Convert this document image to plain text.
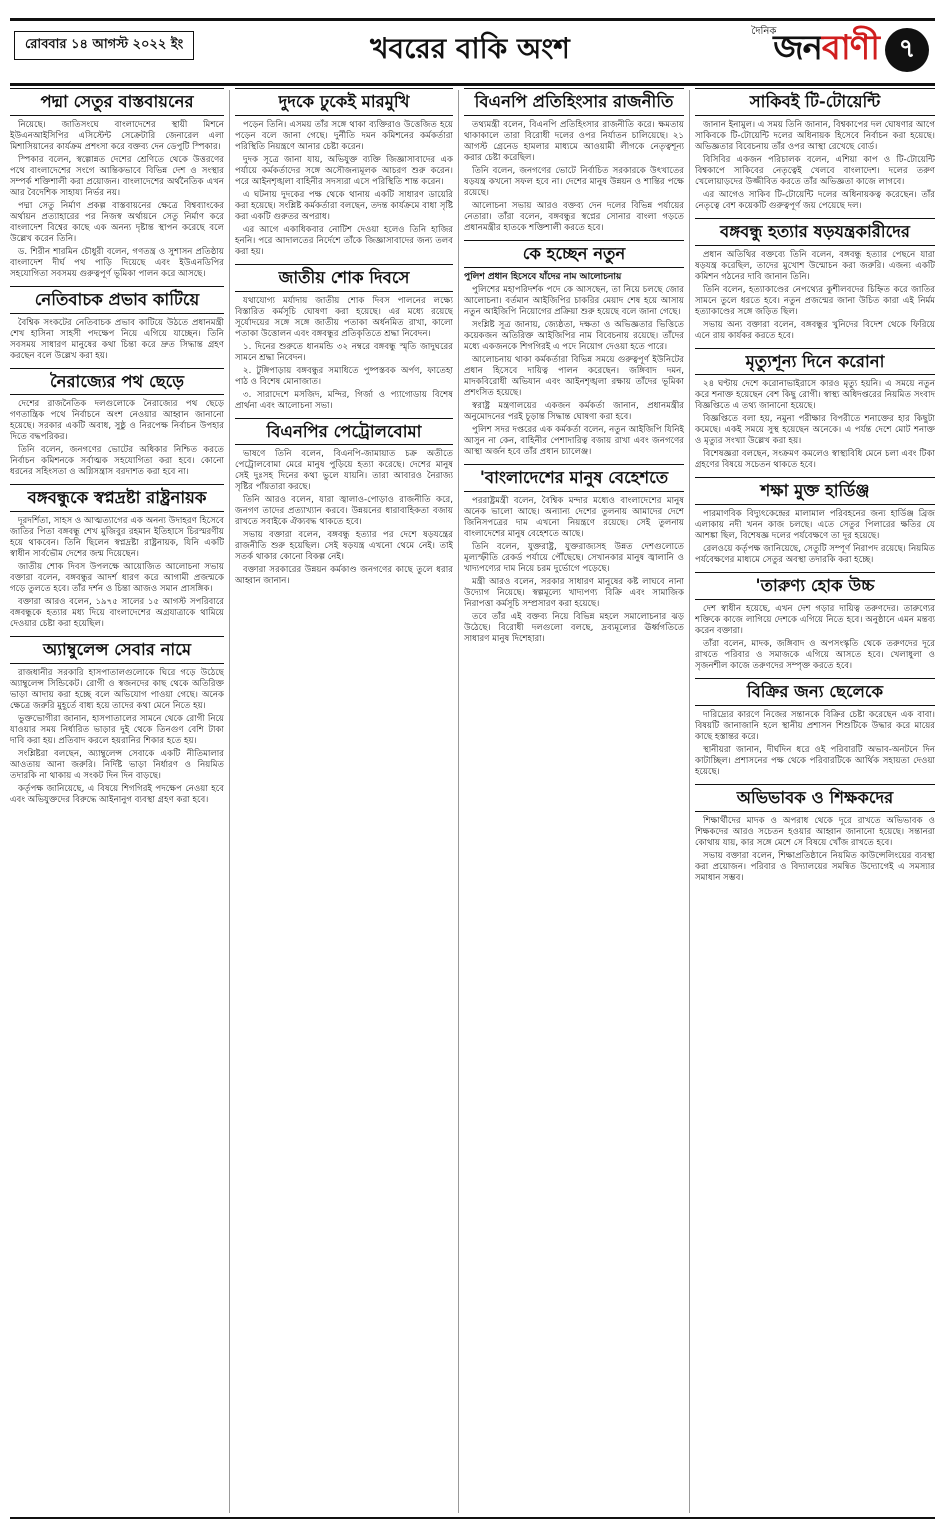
রোববার ১৪ আগস্ট ২০২২ ইং	খবরের বাকি অংশ
দৈনিক
জনবাণী ৭
পদ্মা সেতুর বাস্তবায়নের

নিয়েছে। জাতিসংঘে বাংলাদেশের স্থায়ী মিশনে ইউএনআইসিপির এসিস্টেন্ট সেক্রেটারি জেনারেল এলা মিশাসিয়ানের কার্যক্রম প্রশংসা করে বক্তব্য দেন ডেপুটি স্পিকার।

স্পিকার বলেন, স্বল্পোন্নত দেশের শ্রেণিতে থেকে উত্তরণের পথে বাংলাদেশের সংগে আন্তিকভাবে বিভিন্ন দেশ ও সংস্থার সম্পর্ক শক্তিশালী করা প্রয়োজন। বাংলাদেশের অর্থনৈতিক এখন আর বৈদেশিক সাহায্য নির্ভর নয়।

পদ্মা সেতু নির্মাণ প্রকল্প বাস্তবায়নের ক্ষেত্রে বিশ্বব্যাংকের অর্থায়ন প্রত্যাহারের পর নিজস্ব অর্থায়নে সেতু নির্মাণ করে বাংলাদেশ বিশ্বের কাছে এক অনন্য দৃষ্টান্ত স্থাপন করেছে বলে উল্লেখ করেন তিনি।

ড. শিরীন শারমিন চৌধুরী বলেন, গণতন্ত্র ও সুশাসন প্রতিষ্ঠায় বাংলাদেশ দীর্ঘ পথ পাড়ি দিয়েছে এবং ইউএনডিপির সহযোগিতা সবসময় গুরুত্বপূর্ণ ভূমিকা পালন করে আসছে।

নেতিবাচক প্রভাব কাটিয়ে

বৈশ্বিক সংকটের নেতিবাচক প্রভাব কাটিয়ে উঠতে প্রধানমন্ত্রী শেখ হাসিনা সাহসী পদক্ষেপ নিয়ে এগিয়ে যাচ্ছেন। তিনি সবসময় সাধারণ মানুষের কথা চিন্তা করে দ্রুত সিদ্ধান্ত গ্রহণ করছেন বলে উল্লেখ করা হয়।

নৈরাজ্যের পথ ছেড়ে

দেশের রাজনৈতিক দলগুলোকে নৈরাজ্যের পথ ছেড়ে গণতান্ত্রিক পথে নির্বাচনে অংশ নেওয়ার আহ্বান জানানো হয়েছে। সরকার একটি অবাধ, সুষ্ঠু ও নিরপেক্ষ নির্বাচন উপহার দিতে বদ্ধপরিকর।

তিনি বলেন, জনগণের ভোটের অধিকার নিশ্চিত করতে নির্বাচন কমিশনকে সর্বাত্মক সহযোগিতা করা হবে। কোনো ধরনের সহিংসতা ও অগ্নিসন্ত্রাস বরদাশত করা হবে না।

বঙ্গবন্ধুকে স্বপ্নদ্রষ্টা রাষ্ট্রনায়ক

দূরদর্শিতা, সাহস ও আত্মত্যাগের এক অনন্য উদাহরণ হিসেবে জাতির পিতা বঙ্গবন্ধু শেখ মুজিবুর রহমান ইতিহাসে চিরস্মরণীয় হয়ে থাকবেন। তিনি ছিলেন স্বপ্নদ্রষ্টা রাষ্ট্রনায়ক, যিনি একটি স্বাধীন সার্বভৌম দেশের জন্ম দিয়েছেন।

জাতীয় শোক দিবস উপলক্ষে আয়োজিত আলোচনা সভায় বক্তারা বলেন, বঙ্গবন্ধুর আদর্শ ধারণ করে আগামী প্রজন্মকে গড়ে তুলতে হবে। তাঁর দর্শন ও চিন্তা আজও সমান প্রাসঙ্গিক।

বক্তারা আরও বলেন, ১৯৭৫ সালের ১৫ আগস্ট সপরিবারে বঙ্গবন্ধুকে হত্যার মধ্য দিয়ে বাংলাদেশের অগ্রযাত্রাকে থামিয়ে দেওয়ার চেষ্টা করা হয়েছিল।

অ্যাম্বুলেন্স সেবার নামে

রাজধানীর সরকারি হাসপাতালগুলোকে ঘিরে গড়ে উঠেছে অ্যাম্বুলেন্স সিন্ডিকেট। রোগী ও স্বজনদের কাছ থেকে অতিরিক্ত ভাড়া আদায় করা হচ্ছে বলে অভিযোগ পাওয়া গেছে। অনেক ক্ষেত্রে জরুরি মুহূর্তে বাধ্য হয়ে তাদের কথা মেনে নিতে হয়।

ভুক্তভোগীরা জানান, হাসপাতালের সামনে থেকে রোগী নিয়ে যাওয়ার সময় নির্ধারিত ভাড়ার দুই থেকে তিনগুণ বেশি টাকা দাবি করা হয়। প্রতিবাদ করলে হয়রানির শিকার হতে হয়।

সংশ্লিষ্টরা বলছেন, অ্যাম্বুলেন্স সেবাকে একটি নীতিমালার আওতায় আনা জরুরি। নির্দিষ্ট ভাড়া নির্ধারণ ও নিয়মিত তদারকি না থাকায় এ সংকট দিন দিন বাড়ছে।

কর্তৃপক্ষ জানিয়েছে, এ বিষয়ে শিগগিরই পদক্ষেপ নেওয়া হবে এবং অভিযুক্তদের বিরুদ্ধে আইনানুগ ব্যবস্থা গ্রহণ করা হবে।

দুদকে ঢুকেই মারমুখি

পড়েন তিনি। এসময় তাঁর সঙ্গে থাকা ব্যক্তিরাও উত্তেজিত হয়ে পড়েন বলে জানা গেছে। দুর্নীতি দমন কমিশনের কর্মকর্তারা পরিস্থিতি নিয়ন্ত্রণে আনার চেষ্টা করেন।

দুদক সূত্রে জানা যায়, অভিযুক্ত ব্যক্তি জিজ্ঞাসাবাদের এক পর্যায়ে কর্মকর্তাদের সঙ্গে অসৌজন্যমূলক আচরণ শুরু করেন। পরে আইনশৃঙ্খলা বাহিনীর সদস্যরা এসে পরিস্থিতি শান্ত করেন।

এ ঘটনায় দুদকের পক্ষ থেকে থানায় একটি সাধারণ ডায়েরি করা হয়েছে। সংশ্লিষ্ট কর্মকর্তারা বলছেন, তদন্ত কার্যক্রমে বাধা সৃষ্টি করা একটি গুরুতর অপরাধ।

এর আগে একাধিকবার নোটিশ দেওয়া হলেও তিনি হাজির হননি। পরে আদালতের নির্দেশে তাঁকে জিজ্ঞাসাবাদের জন্য তলব করা হয়।

জাতীয় শোক দিবসে

যথাযোগ্য মর্যাদায় জাতীয় শোক দিবস পালনের লক্ষ্যে বিস্তারিত কর্মসূচি ঘোষণা করা হয়েছে। এর মধ্যে রয়েছে সূর্যোদয়ের সঙ্গে সঙ্গে জাতীয় পতাকা অর্ধনমিত রাখা, কালো পতাকা উত্তোলন এবং বঙ্গবন্ধুর প্রতিকৃতিতে শ্রদ্ধা নিবেদন।

১. দিনের শুরুতে ধানমন্ডি ৩২ নম্বরে বঙ্গবন্ধু স্মৃতি জাদুঘরের সামনে শ্রদ্ধা নিবেদন।

২. টুঙ্গিপাড়ায় বঙ্গবন্ধুর সমাধিতে পুষ্পস্তবক অর্পণ, ফাতেহা পাঠ ও বিশেষ মোনাজাত।

৩. সারাদেশে মসজিদ, মন্দির, গির্জা ও প্যাগোডায় বিশেষ প্রার্থনা এবং আলোচনা সভা।

বিএনপির পেট্রোলবোমা

ভাষণে তিনি বলেন, বিএনপি-জামায়াত চক্র অতীতে পেট্রোলবোমা মেরে মানুষ পুড়িয়ে হত্যা করেছে। দেশের মানুষ সেই দুঃসহ দিনের কথা ভুলে যায়নি। তারা আবারও নৈরাজ্য সৃষ্টির পাঁয়তারা করছে।

তিনি আরও বলেন, যারা জ্বালাও-পোড়াও রাজনীতি করে, জনগণ তাদের প্রত্যাখ্যান করবে। উন্নয়নের ধারাবাহিকতা বজায় রাখতে সবাইকে ঐক্যবদ্ধ থাকতে হবে।

সভায় বক্তারা বলেন, বঙ্গবন্ধু হত্যার পর দেশে ষড়যন্ত্রের রাজনীতি শুরু হয়েছিল। সেই ষড়যন্ত্র এখনো থেমে নেই। তাই সতর্ক থাকার কোনো বিকল্প নেই।

বক্তারা সরকারের উন্নয়ন কর্মকাণ্ড জনগণের কাছে তুলে ধরার আহ্বান জানান।

বিএনপি প্রতিহিংসার রাজনীতি

তথ্যমন্ত্রী বলেন, বিএনপি প্রতিহিংসার রাজনীতি করে। ক্ষমতায় থাকাকালে তারা বিরোধী দলের ওপর নির্যাতন চালিয়েছে। ২১ আগস্ট গ্রেনেড হামলার মাধ্যমে আওয়ামী লীগকে নেতৃত্বশূন্য করার চেষ্টা করেছিল।

তিনি বলেন, জনগণের ভোটে নির্বাচিত সরকারকে উৎখাতের ষড়যন্ত্র কখনো সফল হবে না। দেশের মানুষ উন্নয়ন ও শান্তির পক্ষে রয়েছে।

আলোচনা সভায় আরও বক্তব্য দেন দলের বিভিন্ন পর্যায়ের নেতারা। তাঁরা বলেন, বঙ্গবন্ধুর স্বপ্নের সোনার বাংলা গড়তে প্রধানমন্ত্রীর হাতকে শক্তিশালী করতে হবে।

কে হচ্ছেন নতুন
পুলিশ প্রধান হিসেবে যাঁদের নাম আলোচনায়

পুলিশের মহাপরিদর্শক পদে কে আসছেন, তা নিয়ে চলছে জোর আলোচনা। বর্তমান আইজিপির চাকরির মেয়াদ শেষ হয়ে আসায় নতুন আইজিপি নিয়োগের প্রক্রিয়া শুরু হয়েছে বলে জানা গেছে।

সংশ্লিষ্ট সূত্র জানায়, জ্যেষ্ঠতা, দক্ষতা ও অভিজ্ঞতার ভিত্তিতে কয়েকজন অতিরিক্ত আইজিপির নাম বিবেচনায় রয়েছে। তাঁদের মধ্যে একজনকে শিগগিরই এ পদে নিয়োগ দেওয়া হতে পারে।

আলোচনায় থাকা কর্মকর্তারা বিভিন্ন সময়ে গুরুত্বপূর্ণ ইউনিটের প্রধান হিসেবে দায়িত্ব পালন করেছেন। জঙ্গিবাদ দমন, মাদকবিরোধী অভিযান এবং আইনশৃঙ্খলা রক্ষায় তাঁদের ভূমিকা প্রশংসিত হয়েছে।

স্বরাষ্ট্র মন্ত্রণালয়ের একজন কর্মকর্তা জানান, প্রধানমন্ত্রীর অনুমোদনের পরই চূড়ান্ত সিদ্ধান্ত ঘোষণা করা হবে।

পুলিশ সদর দপ্তরের এক কর্মকর্তা বলেন, নতুন আইজিপি যিনিই আসুন না কেন, বাহিনীর পেশাদারিত্ব বজায় রাখা এবং জনগণের আস্থা অর্জন হবে তাঁর প্রধান চ্যালেঞ্জ।

'বাংলাদেশের মানুষ বেহেশতে

পররাষ্ট্রমন্ত্রী বলেন, বৈশ্বিক মন্দার মধ্যেও বাংলাদেশের মানুষ অনেক ভালো আছে। অন্যান্য দেশের তুলনায় আমাদের দেশে জিনিসপত্রের দাম এখনো নিয়ন্ত্রণে রয়েছে। সেই তুলনায় বাংলাদেশের মানুষ বেহেশতে আছে।

তিনি বলেন, যুক্তরাষ্ট্র, যুক্তরাজ্যসহ উন্নত দেশগুলোতে মূল্যস্ফীতি রেকর্ড পর্যায়ে পৌঁছেছে। সেখানকার মানুষ জ্বালানি ও খাদ্যপণ্যের দাম নিয়ে চরম দুর্ভোগে পড়েছে।

মন্ত্রী আরও বলেন, সরকার সাধারণ মানুষের কষ্ট লাঘবে নানা উদ্যোগ নিয়েছে। স্বল্পমূল্যে খাদ্যপণ্য বিক্রি এবং সামাজিক নিরাপত্তা কর্মসূচি সম্প্রসারণ করা হয়েছে।

তবে তাঁর এই বক্তব্য নিয়ে বিভিন্ন মহলে সমালোচনার ঝড় উঠেছে। বিরোধী দলগুলো বলছে, দ্রব্যমূল্যের ঊর্ধ্বগতিতে সাধারণ মানুষ দিশেহারা।

সাকিবই টি-টোয়েন্টি

জানান ইনামুল। এ সময় তিনি জানান, বিশ্বকাপের দল ঘোষণার আগে সাকিবকে টি-টোয়েন্টি দলের অধিনায়ক হিসেবে নির্বাচন করা হয়েছে। অভিজ্ঞতার বিবেচনায় তাঁর ওপর আস্থা রেখেছে বোর্ড।

বিসিবির একজন পরিচালক বলেন, এশিয়া কাপ ও টি-টোয়েন্টি বিশ্বকাপে সাকিবের নেতৃত্বেই খেলবে বাংলাদেশ। দলের তরুণ খেলোয়াড়দের উজ্জীবিত করতে তাঁর অভিজ্ঞতা কাজে লাগবে।

এর আগেও সাকিব টি-টোয়েন্টি দলের অধিনায়কত্ব করেছেন। তাঁর নেতৃত্বে বেশ কয়েকটি গুরুত্বপূর্ণ জয় পেয়েছে দল।

বঙ্গবন্ধু হত্যার ষড়যন্ত্রকারীদের

প্রধান অতিথির বক্তব্যে তিনি বলেন, বঙ্গবন্ধু হত্যার পেছনে যারা ষড়যন্ত্র করেছিল, তাদের মুখোশ উন্মোচন করা জরুরি। এজন্য একটি কমিশন গঠনের দাবি জানান তিনি।

তিনি বলেন, হত্যাকাণ্ডের নেপথ্যের কুশীলবদের চিহ্নিত করে জাতির সামনে তুলে ধরতে হবে। নতুন প্রজন্মের জানা উচিত কারা এই নির্মম হত্যাকাণ্ডের সঙ্গে জড়িত ছিল।

সভায় অন্য বক্তারা বলেন, বঙ্গবন্ধুর খুনিদের বিদেশ থেকে ফিরিয়ে এনে রায় কার্যকর করতে হবে।

মৃত্যুশূন্য দিনে করোনা

২৪ ঘণ্টায় দেশে করোনাভাইরাসে কারও মৃত্যু হয়নি। এ সময়ে নতুন করে শনাক্ত হয়েছেন বেশ কিছু রোগী। স্বাস্থ্য অধিদপ্তরের নিয়মিত সংবাদ বিজ্ঞপ্তিতে এ তথ্য জানানো হয়েছে।

বিজ্ঞপ্তিতে বলা হয়, নমুনা পরীক্ষার বিপরীতে শনাক্তের হার কিছুটা কমেছে। একই সময়ে সুস্থ হয়েছেন অনেকে। এ পর্যন্ত দেশে মোট শনাক্ত ও মৃত্যুর সংখ্যা উল্লেখ করা হয়।

বিশেষজ্ঞরা বলছেন, সংক্রমণ কমলেও স্বাস্থ্যবিধি মেনে চলা এবং টিকা গ্রহণের বিষয়ে সচেতন থাকতে হবে।

শক্ষা মুক্ত হার্ডিঞ্জ

পারমাণবিক বিদ্যুৎকেন্দ্রের মালামাল পরিবহনের জন্য হার্ডিঞ্জ ব্রিজ এলাকায় নদী খনন কাজ চলছে। এতে সেতুর পিলারের ক্ষতির যে আশঙ্কা ছিল, বিশেষজ্ঞ দলের পর্যবেক্ষণে তা দূর হয়েছে।

রেলওয়ে কর্তৃপক্ষ জানিয়েছে, সেতুটি সম্পূর্ণ নিরাপদ রয়েছে। নিয়মিত পর্যবেক্ষণের মাধ্যমে সেতুর অবস্থা তদারকি করা হচ্ছে।

'তারুণ্য হোক উচ্চ

দেশ স্বাধীন হয়েছে, এখন দেশ গড়ার দায়িত্ব তরুণদের। তারুণ্যের শক্তিকে কাজে লাগিয়ে দেশকে এগিয়ে নিতে হবে। অনুষ্ঠানে এমন মন্তব্য করেন বক্তারা।

তাঁরা বলেন, মাদক, জঙ্গিবাদ ও অপসংস্কৃতি থেকে তরুণদের দূরে রাখতে পরিবার ও সমাজকে এগিয়ে আসতে হবে। খেলাধুলা ও সৃজনশীল কাজে তরুণদের সম্পৃক্ত করতে হবে।

বিক্রির জন্য ছেলেকে

দারিদ্র্যের কারণে নিজের সন্তানকে বিক্রির চেষ্টা করেছেন এক বাবা। বিষয়টি জানাজানি হলে স্থানীয় প্রশাসন শিশুটিকে উদ্ধার করে মায়ের কাছে হস্তান্তর করে।

স্থানীয়রা জানান, দীর্ঘদিন ধরে ওই পরিবারটি অভাব-অনটনে দিন কাটাচ্ছিল। প্রশাসনের পক্ষ থেকে পরিবারটিকে আর্থিক সহায়তা দেওয়া হয়েছে।

অভিভাবক ও শিক্ষকদের

শিক্ষার্থীদের মাদক ও অপরাধ থেকে দূরে রাখতে অভিভাবক ও শিক্ষকদের আরও সচেতন হওয়ার আহ্বান জানানো হয়েছে। সন্তানরা কোথায় যায়, কার সঙ্গে মেশে সে বিষয়ে খোঁজ রাখতে হবে।

সভায় বক্তারা বলেন, শিক্ষাপ্রতিষ্ঠানে নিয়মিত কাউন্সেলিংয়ের ব্যবস্থা করা প্রয়োজন। পরিবার ও বিদ্যালয়ের সমন্বিত উদ্যোগেই এ সমস্যার সমাধান সম্ভব।
